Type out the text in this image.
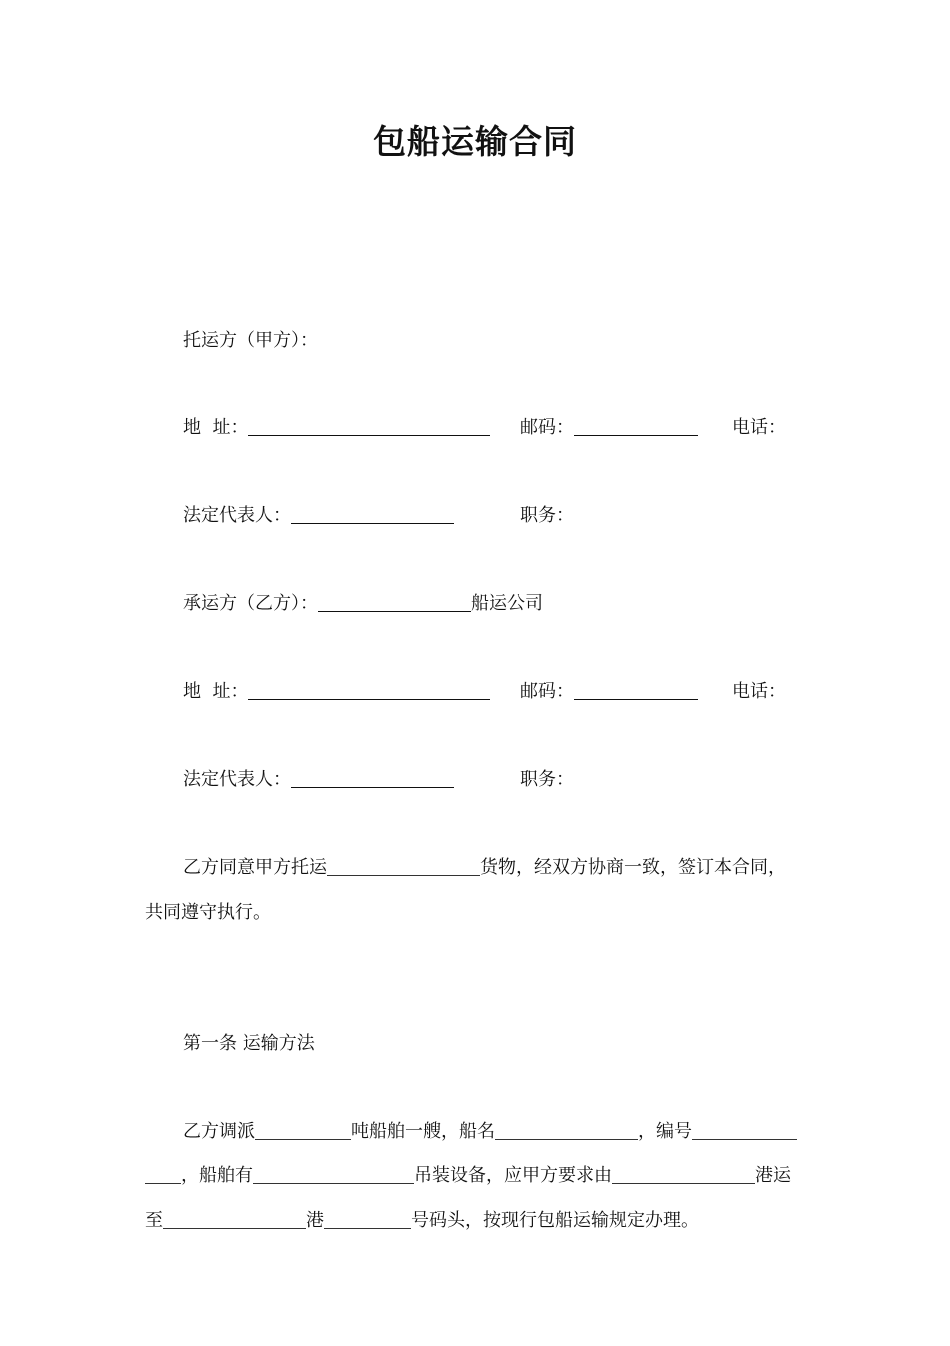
包船运输合同
托运方（甲方）：
地  址：	邮码：	电话：
法定代表人：	职务：
承运方（乙方）：	船运公司
地  址：	邮码：	电话：
法定代表人：	职务：
乙方同意甲方托运	货物，经双方协商一致，签订本合同，
共同遵守执行。
第一条 运输方法
乙方调派	吨船舶一艘，船名	，编号
，船舶有	吊装设备，应甲方要求由	港运
至	港	号码头，按现行包船运输规定办理。
